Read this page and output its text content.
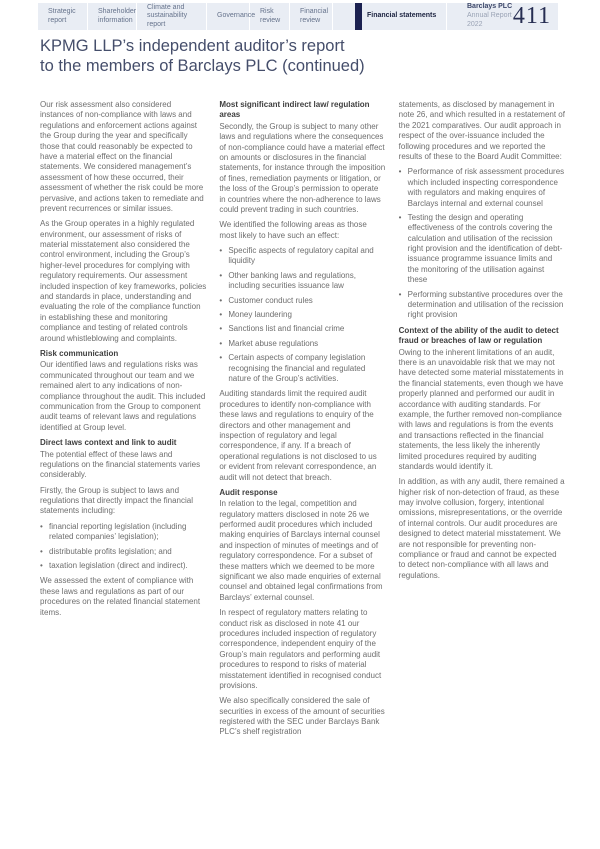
Strategic report
Shareholder information
Climate and sustainability report
Governance
Risk review
Financial review
Financial statements
Barclays PLC
Annual Report 2022	411
KPMG LLP’s independent auditor’s report
to the members of Barclays PLC (continued)

Our risk assessment also considered instances of non-compliance with laws and regulations and enforcement actions against the Group during the year and specifically those that could reasonably be expected to have a material effect on the financial statements. We considered management’s assessment of how these occurred, their assessment of whether the risk could be more pervasive, and actions taken to remediate and prevent recurrences or similar issues.

As the Group operates in a highly regulated environment, our assessment of risks of material misstatement also considered the control environment, including the Group’s higher-level procedures for complying with regulatory requirements. Our assessment included inspection of key frameworks, policies and standards in place, understanding and evaluating the role of the compliance function in establishing these and monitoring compliance and testing of related controls around whistleblowing and complaints.

Risk communication

Our identified laws and regulations risks was communicated throughout our team and we remained alert to any indications of non-compliance throughout the audit. This included communication from the Group to component audit teams of relevant laws and regulations identified at Group level.

Direct laws context and link to audit

The potential effect of these laws and regulations on the financial statements varies considerably.

Firstly, the Group is subject to laws and regulations that directly impact the financial statements including:

• financial reporting legislation (including related companies’ legislation);
• distributable profits legislation; and
• taxation legislation (direct and indirect).

We assessed the extent of compliance with these laws and regulations as part of our procedures on the related financial statement items.

Most significant indirect law/ regulation areas

Secondly, the Group is subject to many other laws and regulations where the consequences of non-compliance could have a material effect on amounts or disclosures in the financial statements, for instance through the imposition of fines, remediation payments or litigation, or the loss of the Group’s permission to operate in countries where the non-adherence to laws could prevent trading in such countries.

We identified the following areas as those most likely to have such an effect:

• Specific aspects of regulatory capital and liquidity
• Other banking laws and regulations, including securities issuance law
• Customer conduct rules
• Money laundering
• Sanctions list and financial crime
• Market abuse regulations
• Certain aspects of company legislation recognising the financial and regulated nature of the Group’s activities.

Auditing standards limit the required audit procedures to identify non-compliance with these laws and regulations to enquiry of the directors and other management and inspection of regulatory and legal correspondence, if any. If a breach of operational regulations is not disclosed to us or evident from relevant correspondence, an audit will not detect that breach.

Audit response

In relation to the legal, competition and regulatory matters disclosed in note 26 we performed audit procedures which included making enquiries of Barclays internal counsel and inspection of minutes of meetings and of regulatory correspondence. For a subset of these matters which we deemed to be more significant we also made enquiries of external counsel and obtained legal confirmations from Barclays’ external counsel.

In respect of regulatory matters relating to conduct risk as disclosed in note 41 our procedures included inspection of regulatory correspondence, independent enquiry of the Group’s main regulators and performing audit procedures to respond to risks of material misstatement identified in recognised conduct provisions.

We also specifically considered the sale of securities in excess of the amount of securities registered with the SEC under Barclays Bank PLC’s shelf registration

statements, as disclosed by management in note 26, and which resulted in a restatement of the 2021 comparatives. Our audit approach in respect of the over-issuance included the following procedures and we reported the results of these to the Board Audit Committee:

• Performance of risk assessment procedures which included inspecting correspondence with regulators and making enquires of Barclays internal and external counsel
• Testing the design and operating effectiveness of the controls covering the calculation and utilisation of the recission right provision and the identification of debt-issuance programme issuance limits and the monitoring of the utilisation against these
• Performing substantive procedures over the determination and utilisation of the recission right provision
Context of the ability of the audit to detect fraud or breaches of law or regulation

Owing to the inherent limitations of an audit, there is an unavoidable risk that we may not have detected some material misstatements in the financial statements, even though we have properly planned and performed our audit in accordance with auditing standards. For example, the further removed non-compliance with laws and regulations is from the events and transactions reflected in the financial statements, the less likely the inherently limited procedures required by auditing standards would identify it.

In addition, as with any audit, there remained a higher risk of non-detection of fraud, as these may involve collusion, forgery, intentional omissions, misrepresentations, or the override of internal controls. Our audit procedures are designed to detect material misstatement. We are not responsible for preventing non-compliance or fraud and cannot be expected to detect non-compliance with all laws and regulations.
